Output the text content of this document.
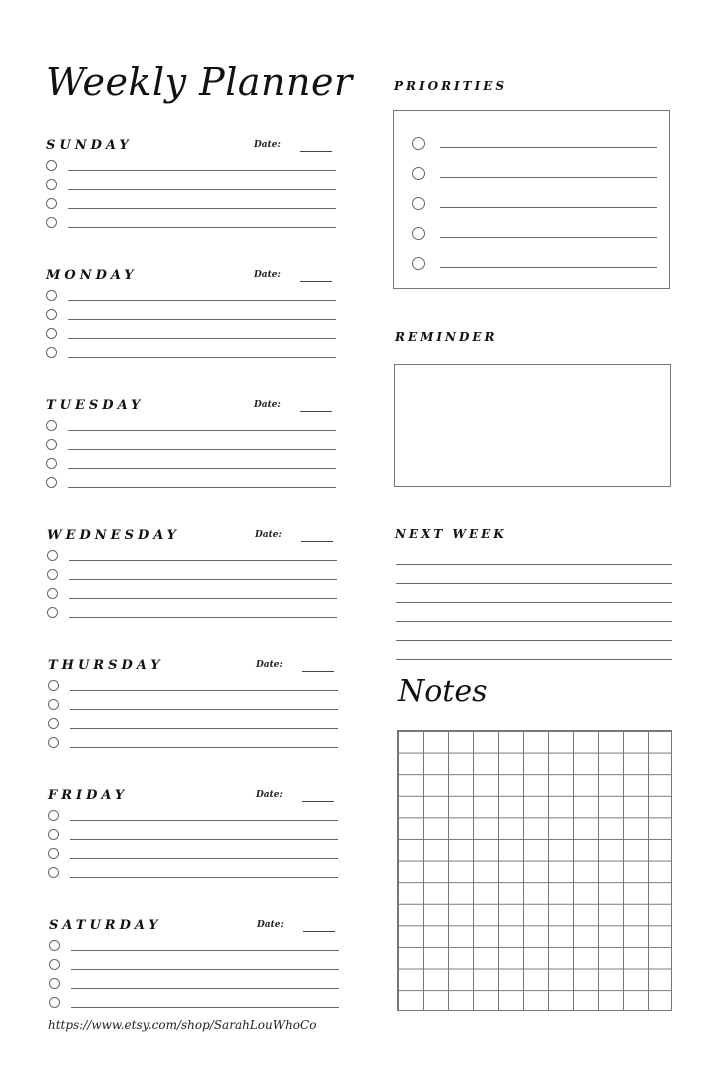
Weekly Planner
SUNDAY	Date:
MONDAY	Date:
TUESDAY	Date:
WEDNESDAY	Date:
THURSDAY	Date:
FRIDAY	Date:
SATURDAY	Date:
PRIORITIES
REMINDER
NEXT WEEK
Notes
https://www.etsy.com/shop/SarahLouWhoCo
